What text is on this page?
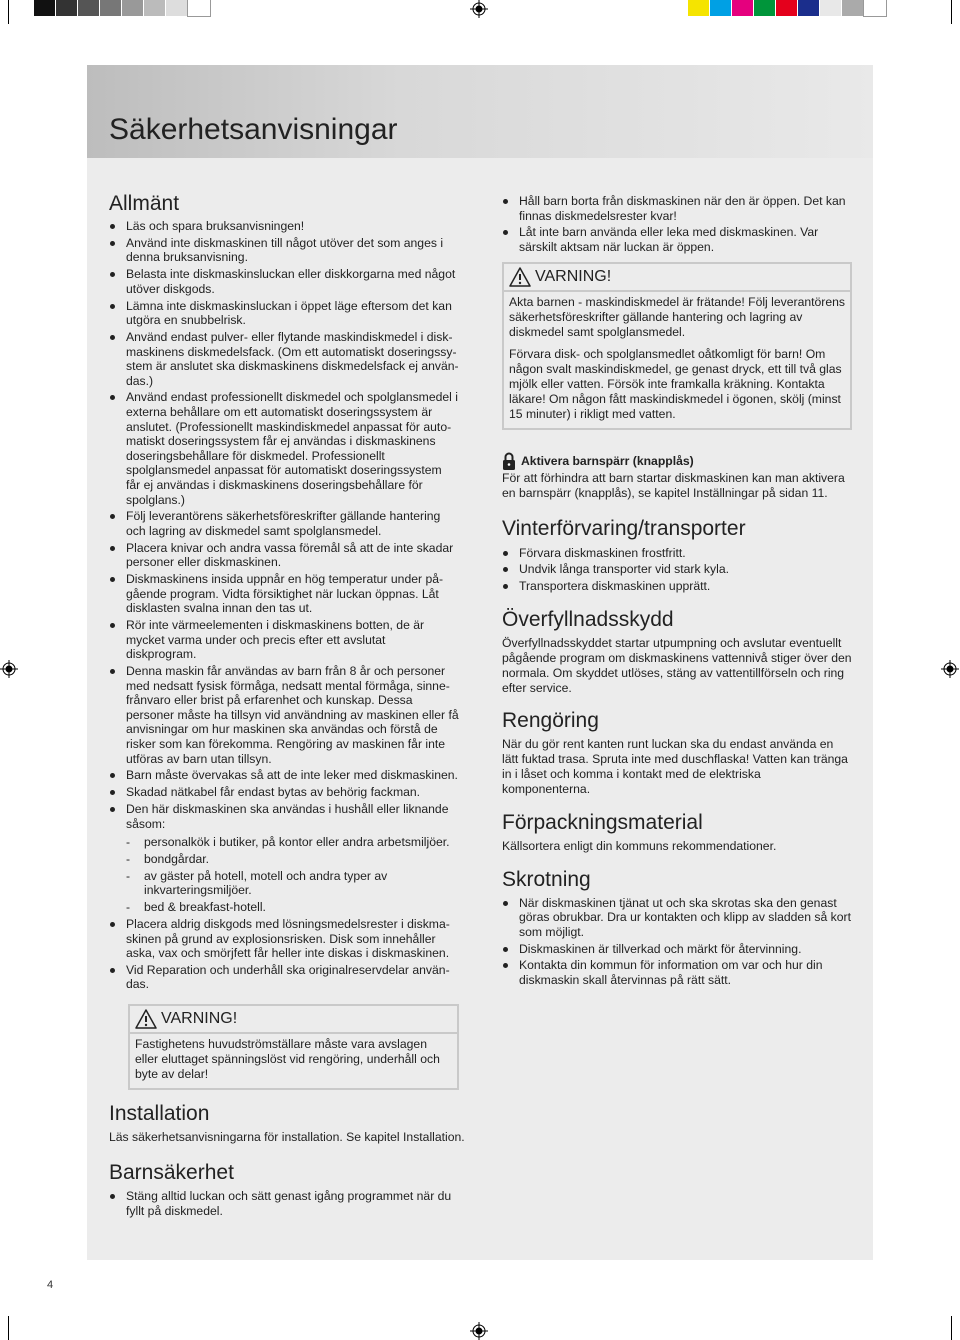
Säkerhetsanvisningar
Allmänt
Läs och spara bruksanvisningen!
Använd inte diskmaskinen till något utöver det som anges i denna bruksanvisning.
Belasta inte diskmaskinsluckan eller diskkorgarna med något utöver diskgods.
Lämna inte diskmaskinsluckan i öppet läge eftersom det kan utgöra en snubbelrisk.
Använd endast pulver- eller flytande maskindiskmedel i diskmaskinens diskmedelsfack. (Om ett automatiskt doseringssystem är anslutet ska diskmaskinens diskmedelsfack ej användas.)
Använd endast professionellt diskmedel och spolglansmedel i externa behållare om ett automatiskt doseringssystem är anslutet. (Professionellt maskindiskmedel anpassat för automatiskt doseringssystem får ej användas i diskmaskinens doseringsbehållare för diskmedel. Professionellt spolglansmedel anpassat för automatiskt doseringssystem får ej användas i diskmaskinens doseringsbehållare för spolglans.)
Följ leverantörens säkerhetsföreskrifter gällande hantering och lagring av diskmedel samt spolglansmedel.
Placera knivar och andra vassa föremål så att de inte skadar personer eller diskmaskinen.
Diskmaskinens insida uppnår en hög temperatur under pågående program. Vidta försiktighet när luckan öppnas. Låt disklasten svalna innan den tas ut.
Rör inte värmeelementen i diskmaskinens botten, de är mycket varma under och precis efter ett avslutat diskprogram.
Denna maskin får användas av barn från 8 år och personer med nedsatt fysisk förmåga, nedsatt mental förmåga, sinnefrånvaro eller brist på erfarenhet och kunskap. Dessa personer måste ha tillsyn vid användning av maskinen eller få anvisningar om hur maskinen ska användas och förstå de risker som kan förekomma. Rengöring av maskinen får inte utföras av barn utan tillsyn.
Barn måste övervakas så att de inte leker med diskmaskinen.
Skadad nätkabel får endast bytas av behörig fackman.
Den här diskmaskinen ska användas i hushåll eller liknande såsom:
- personalkök i butiker, på kontor eller andra arbetsmiljöer.
- bondgårdar.
- av gäster på hotell, motell och andra typer av inkvarteringsmiljöer.
- bed & breakfast-hotell.
Placera aldrig diskgods med lösningsmedelsrester i diskmaskinen på grund av explosionsrisken. Disk som innehåller aska, vax och smörjfett får heller inte diskas i diskmaskinen.
Vid Reparation och underhåll ska originalreservdelar användas.
VARNING!

Fastighetens huvudströmställare måste vara avslagen eller eluttaget spänningslöst vid rengöring, underhåll och byte av delar!

Installation

Läs säkerhetsanvisningarna för installation. Se kapitel Installation.

Barnsäkerhet
Stäng alltid luckan och sätt genast igång programmet när du fyllt på diskmedel.
Håll barn borta från diskmaskinen när den är öppen. Det kan finnas diskmedelsrester kvar!
Låt inte barn använda eller leka med diskmaskinen. Var särskilt aktsam när luckan är öppen.
VARNING!

Akta barnen - maskindiskmedel är frätande! Följ leverantörens säkerhetsföreskrifter gällande hantering och lagring av diskmedel samt spolglansmedel.

Förvara disk- och spolglansmedlet oåtkomligt för barn! Om någon svalt maskindiskmedel, ge genast dryck, ett till två glas mjölk eller vatten. Försök inte framkalla kräkning. Kontakta läkare! Om någon fått maskindiskmedel i ögonen, skölj (minst 15 minuter) i rikligt med vatten.

Aktivera barnspärr (knapplås)

För att förhindra att barn startar diskmaskinen kan man aktivera en barnspärr (knapplås), se kapitel Inställningar på sidan 11.

Vinterförvaring/transporter
Förvara diskmaskinen frostfritt.
Undvik långa transporter vid stark kyla.
Transportera diskmaskinen upprätt.
Överfyllnadsskydd

Överfyllnadsskyddet startar utpumpning och avslutar eventuellt pågående program om diskmaskinens vattennivå stiger över den normala. Om skyddet utlöses, stäng av vattentillförseln och ring efter service.

Rengöring

När du gör rent kanten runt luckan ska du endast använda en lätt fuktad trasa. Spruta inte med duschflaska! Vatten kan tränga in i låset och komma i kontakt med de elektriska komponenterna.

Förpackningsmaterial

Källsortera enligt din kommuns rekommendationer.

Skrotning
När diskmaskinen tjänat ut och ska skrotas ska den genast göras obrukbar. Dra ur kontakten och klipp av sladden så kort som möjligt.
Diskmaskinen är tillverkad och märkt för återvinning.
Kontakta din kommun för information om var och hur din diskmaskin skall återvinnas på rätt sätt.
4
